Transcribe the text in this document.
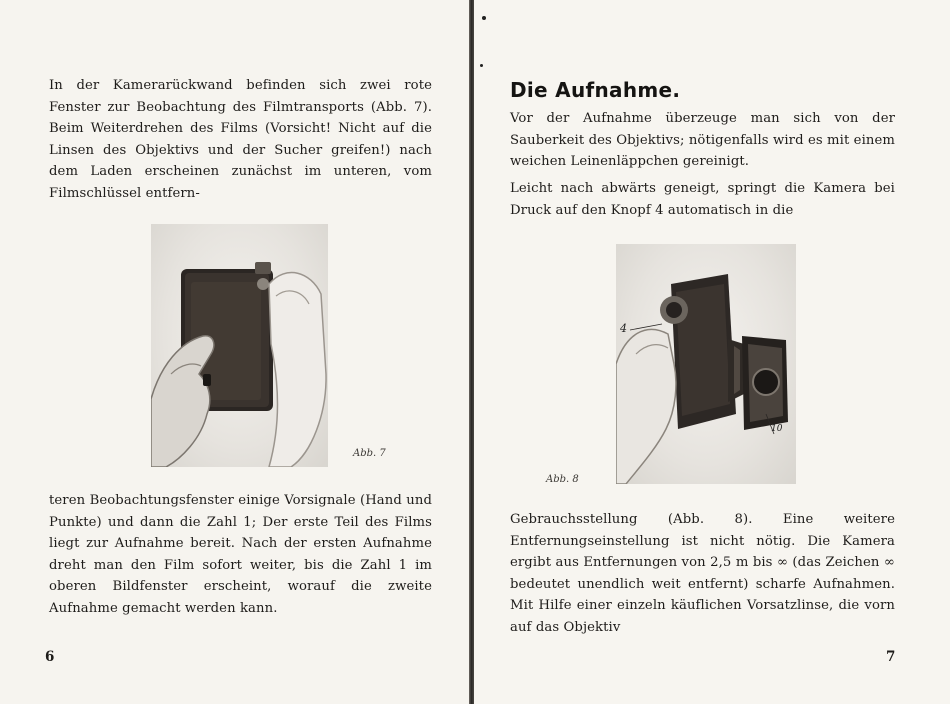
In der Kamerarückwand befinden sich zwei rote Fenster zur Beobachtung des Filmtransports (Abb. 7). Beim Weiterdrehen des Films (Vorsicht! Nicht auf die Linsen des Objektivs und der Sucher greifen!) nach dem Laden erscheinen zunächst im unteren, vom Filmschlüssel entfern-

Abb. 7

teren Beobachtungsfenster einige Vorsignale (Hand und Punkte) und dann die Zahl 1; Der erste Teil des Films liegt zur Aufnahme bereit. Nach der ersten Aufnahme dreht man den Film sofort weiter, bis die Zahl 1 im oberen Bildfenster erscheint, worauf die zweite Aufnahme gemacht werden kann.

6
Die Aufnahme.

Vor der Aufnahme überzeuge man sich von der Sauberkeit des Objektivs; nötigenfalls wird es mit einem weichen Leinenläppchen gereinigt.

Leicht nach abwärts geneigt, springt die Kamera bei Druck auf den Knopf 4 automatisch in die

4
10
Abb. 8

Gebrauchsstellung (Abb. 8). Eine weitere Entfernungseinstellung ist nicht nötig. Die Kamera ergibt aus Entfernungen von 2,5 m bis ∞ (das Zeichen ∞ bedeutet unendlich weit entfernt) scharfe Aufnahmen. Mit Hilfe einer einzeln käuflichen Vorsatzlinse, die vorn auf das Objektiv

7
